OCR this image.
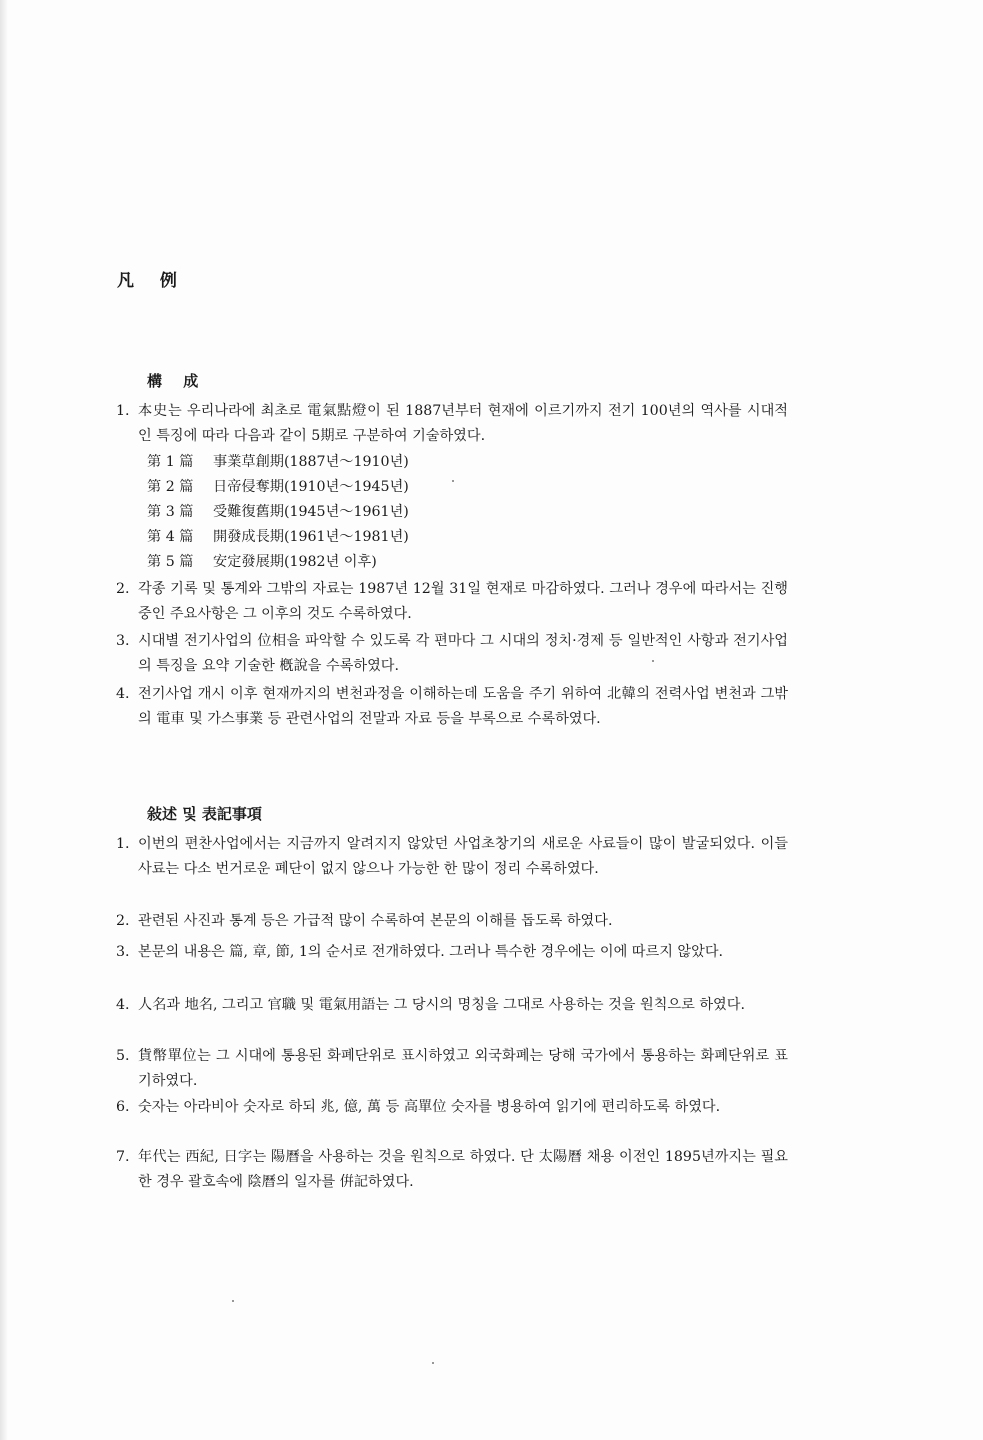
凡 例
構 成

1. 本史는 우리나라에 최초로 電氣點燈이 된 1887년부터 현재에 이르기까지 전기 100년의 역사를 시대적인 특징에 따라 다음과 같이 5期로 구분하여 기술하였다.

第 1 篇 事業草創期(1887년～1910년)
第 2 篇 日帝侵奪期(1910년～1945년)
第 3 篇 受難復舊期(1945년～1961년)
第 4 篇 開發成長期(1961년～1981년)
第 5 篇 安定發展期(1982년 이후)

2. 각종 기록 및 통계와 그밖의 자료는 1987년 12월 31일 현재로 마감하였다. 그러나 경우에 따라서는 진행중인 주요사항은 그 이후의 것도 수록하였다.

3. 시대별 전기사업의 位相을 파악할 수 있도록 각 편마다 그 시대의 정치·경제 등 일반적인 사항과 전기사업의 특징을 요약 기술한 槪說을 수록하였다.

4. 전기사업 개시 이후 현재까지의 변천과정을 이해하는데 도움을 주기 위하여 北韓의 전력사업 변천과 그밖의 電車 및 가스事業 등 관련사업의 전말과 자료 등을 부록으로 수록하였다.

敍述 및 表記事項

1. 이번의 편찬사업에서는 지금까지 알려지지 않았던 사업초창기의 새로운 사료들이 많이 발굴되었다. 이들 사료는 다소 번거로운 폐단이 없지 않으나 가능한 한 많이 정리 수록하였다.

2. 관련된 사진과 통계 등은 가급적 많이 수록하여 본문의 이해를 돕도록 하였다.

3. 본문의 내용은 篇, 章, 節, 1의 순서로 전개하였다. 그러나 특수한 경우에는 이에 따르지 않았다.

4. 人名과 地名, 그리고 官職 및 電氣用語는 그 당시의 명칭을 그대로 사용하는 것을 원칙으로 하였다.

5. 貨幣單位는 그 시대에 통용된 화폐단위로 표시하였고 외국화폐는 당해 국가에서 통용하는 화폐단위로 표기하였다.

6. 숫자는 아라비아 숫자로 하되 兆, 億, 萬 등 高單位 숫자를 병용하여 읽기에 편리하도록 하였다.

7. 年代는 西紀, 日字는 陽曆을 사용하는 것을 원칙으로 하였다. 단 太陽曆 채용 이전인 1895년까지는 필요한 경우 괄호속에 陰曆의 일자를 倂記하였다.
